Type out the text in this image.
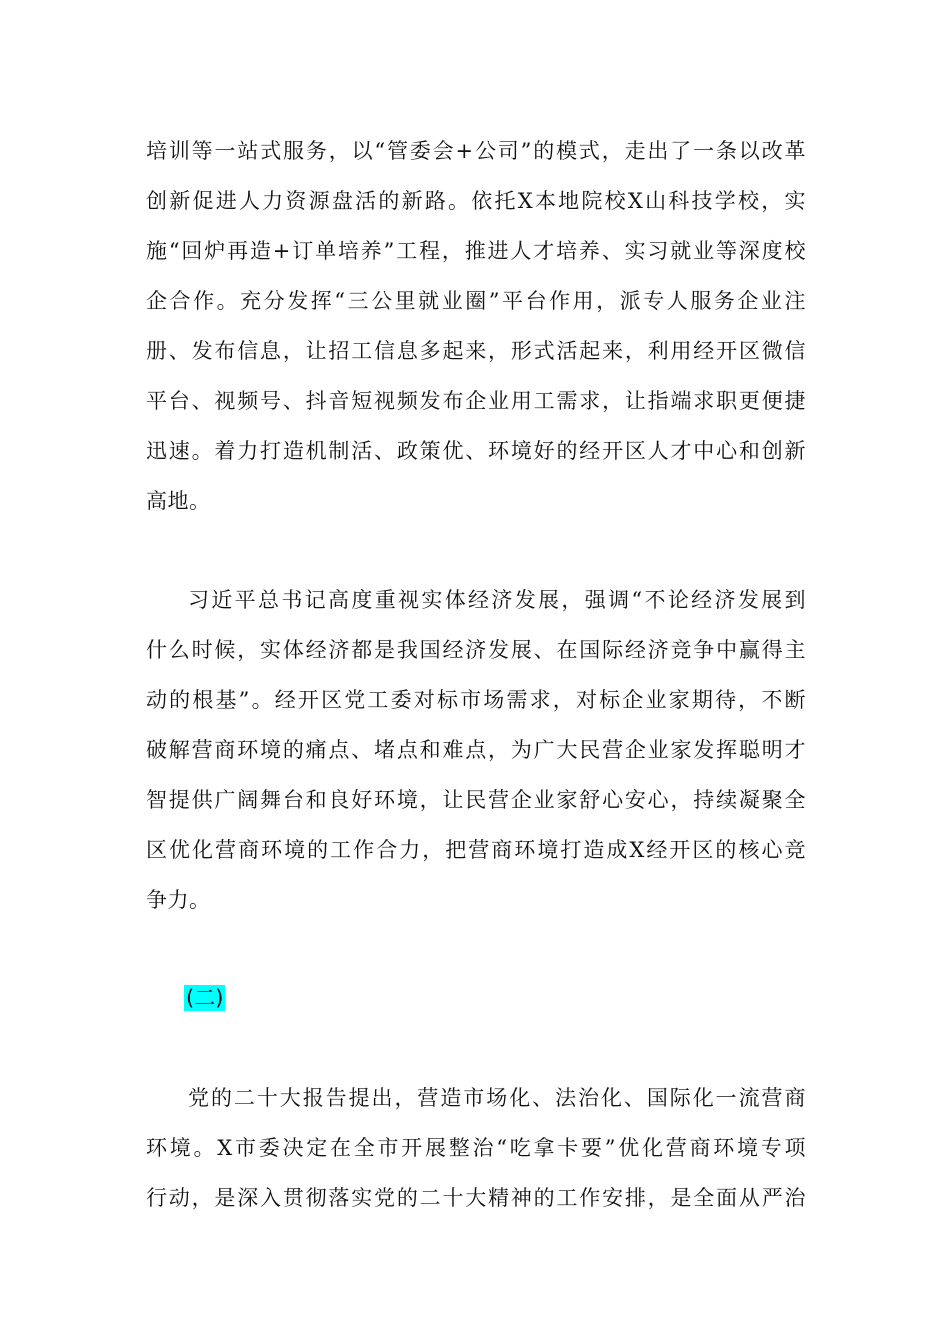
培训等一站式服务，以“管委会+公司”的模式，走出了一条以改革
创新促进人力资源盘活的新路。依托X本地院校X山科技学校，实
施“回炉再造+订单培养”工程，推进人才培养、实习就业等深度校
企合作。充分发挥“三公里就业圈”平台作用，派专人服务企业注
册、发布信息，让招工信息多起来，形式活起来，利用经开区微信
平台、视频号、抖音短视频发布企业用工需求，让指端求职更便捷
迅速。着力打造机制活、政策优、环境好的经开区人才中心和创新
高地。
习近平总书记高度重视实体经济发展，强调“不论经济发展到
什么时候，实体经济都是我国经济发展、在国际经济竞争中赢得主
动的根基”。经开区党工委对标市场需求，对标企业家期待，不断
破解营商环境的痛点、堵点和难点，为广大民营企业家发挥聪明才
智提供广阔舞台和良好环境，让民营企业家舒心安心，持续凝聚全
区优化营商环境的工作合力，把营商环境打造成X经开区的核心竞
争力。
(二)
党的二十大报告提出，营造市场化、法治化、国际化一流营商
环境。X市委决定在全市开展整治“吃拿卡要”优化营商环境专项
行动，是深入贯彻落实党的二十大精神的工作安排，是全面从严治
